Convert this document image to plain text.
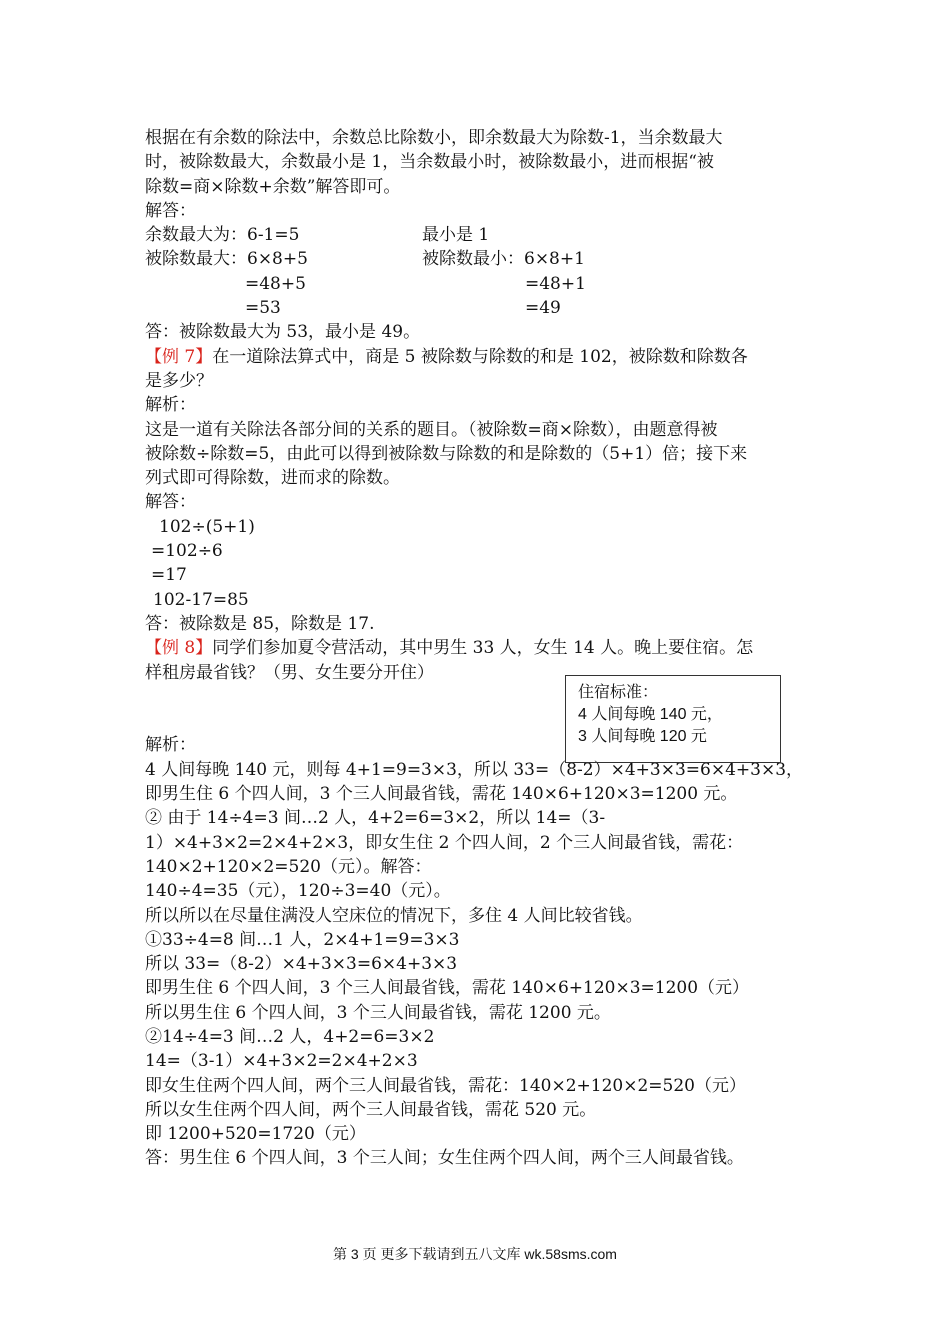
根据在有余数的除法中，余数总比除数小，即余数最大为除数-1，当余数最大
时，被除数最大，余数最小是 1，当余数最小时，被除数最小，进而根据“被
除数=商×除数+余数”解答即可。
解答：
余数最大为：6-1=5	最小是 1
被除数最大：6×8+5	被除数最小：6×8+1
=48+5	=48+1
=53	=49
答：被除数最大为 53，最小是 49。
【例 7】在一道除法算式中，商是 5 被除数与除数的和是 102，被除数和除数各
是多少？
解析：
这是一道有关除法各部分间的关系的题目。（被除数=商×除数），由题意得被
被除数÷除数=5，由此可以得到被除数与除数的和是除数的（5+1）倍；接下来
列式即可得除数，进而求的除数。
解答：
102÷(5+1)
=102÷6
=17
102-17=85
答：被除数是 85，除数是 17.
【例 8】同学们参加夏令营活动，其中男生 33 人，女生 14 人。晚上要住宿。怎
样租房最省钱？（男、女生要分开住）
解析：
4 人间每晚 140 元，则每 4+1=9=3×3，所以 33=（8-2）×4+3×3=6×4+3×3，
即男生住 6 个四人间，3 个三人间最省钱，需花 140×6+120×3=1200 元。
② 由于 14÷4=3 间…2 人，4+2=6=3×2，所以 14=（3-
1）×4+3×2=2×4+2×3，即女生住 2 个四人间，2 个三人间最省钱，需花：
140×2+120×2=520（元）。解答：
140÷4=35（元），120÷3=40（元）。
所以所以在尽量住满没人空床位的情况下，多住 4 人间比较省钱。
①33÷4=8 间…1 人，2×4+1=9=3×3
所以 33=（8-2）×4+3×3=6×4+3×3
即男生住 6 个四人间，3 个三人间最省钱，需花 140×6+120×3=1200（元）
所以男生住 6 个四人间，3 个三人间最省钱，需花 1200 元。
②14÷4=3 间…2 人，4+2=6=3×2
14=（3-1）×4+3×2=2×4+2×3
即女生住两个四人间，两个三人间最省钱，需花：140×2+120×2=520（元）
所以女生住两个四人间，两个三人间最省钱，需花 520 元。
即 1200+520=1720（元）
答：男生住 6 个四人间，3 个三人间；女生住两个四人间，两个三人间最省钱。
住宿标准：
4 人间每晚 140 元，
3 人间每晚 120 元
第 3 页 更多下载请到五八文库 wk.58sms.com
